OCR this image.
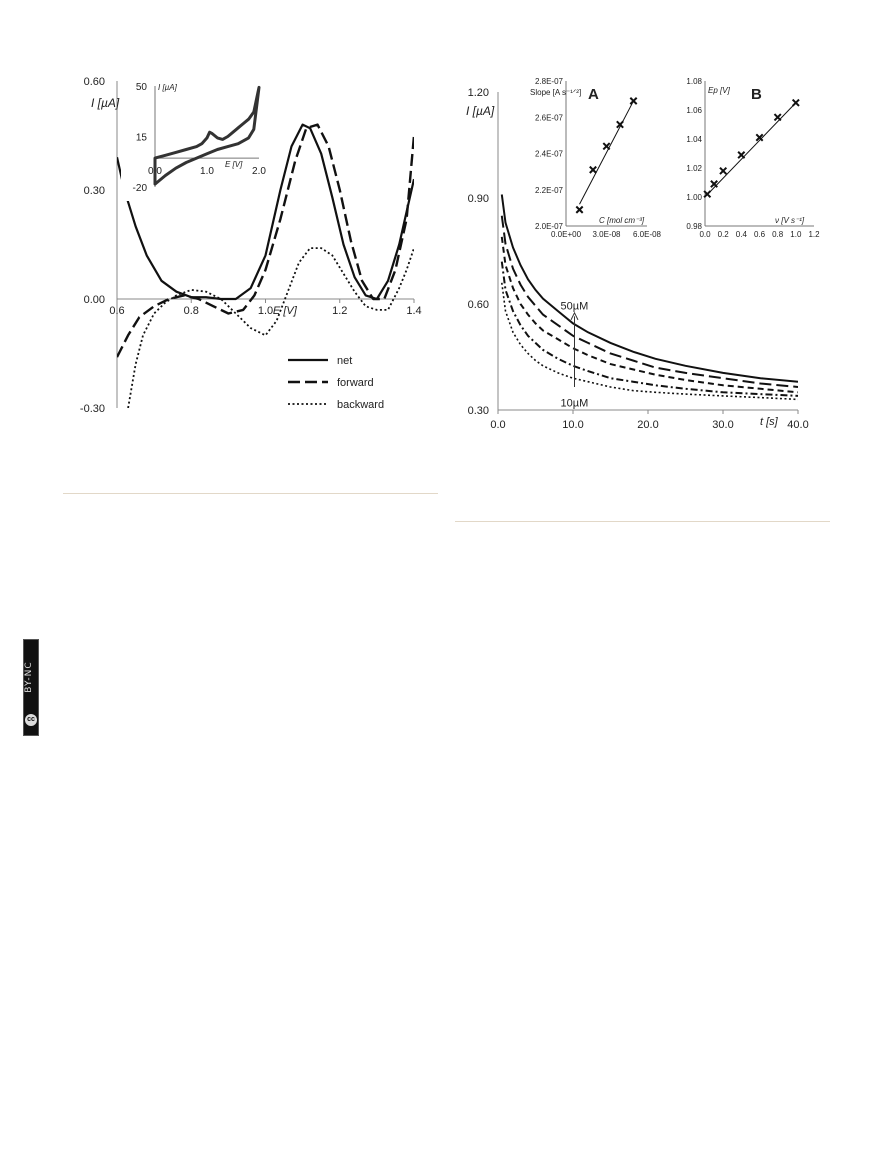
0.60
0.30
0.00
-0.30
0.6	0.8	1.0	1.2	1.4
I [µA]
E [V]
net
forward
backward
50
15
-20
0.0	1.0	2.0
I [µA]
E [V]
1.20
0.90
0.60
0.30
0.0	10.0	20.0	30.0	40.0
I [µA]
t [s]
50µM
10µM
2.8E-07
2.6E-07
2.4E-07
2.2E-07
2.0E-07
0.0E+00 3.0E-08 6.0E-08
Slope [A s⁻¹ᐟ²]
C [mol cm⁻³]
A
1.08
1.06
1.04
1.02
1.00
0.98
0.0 0.2 0.4 0.6 0.8 1.0 1.2
Ep [V]
ν [V s⁻¹]
B
BY-NC
cc
